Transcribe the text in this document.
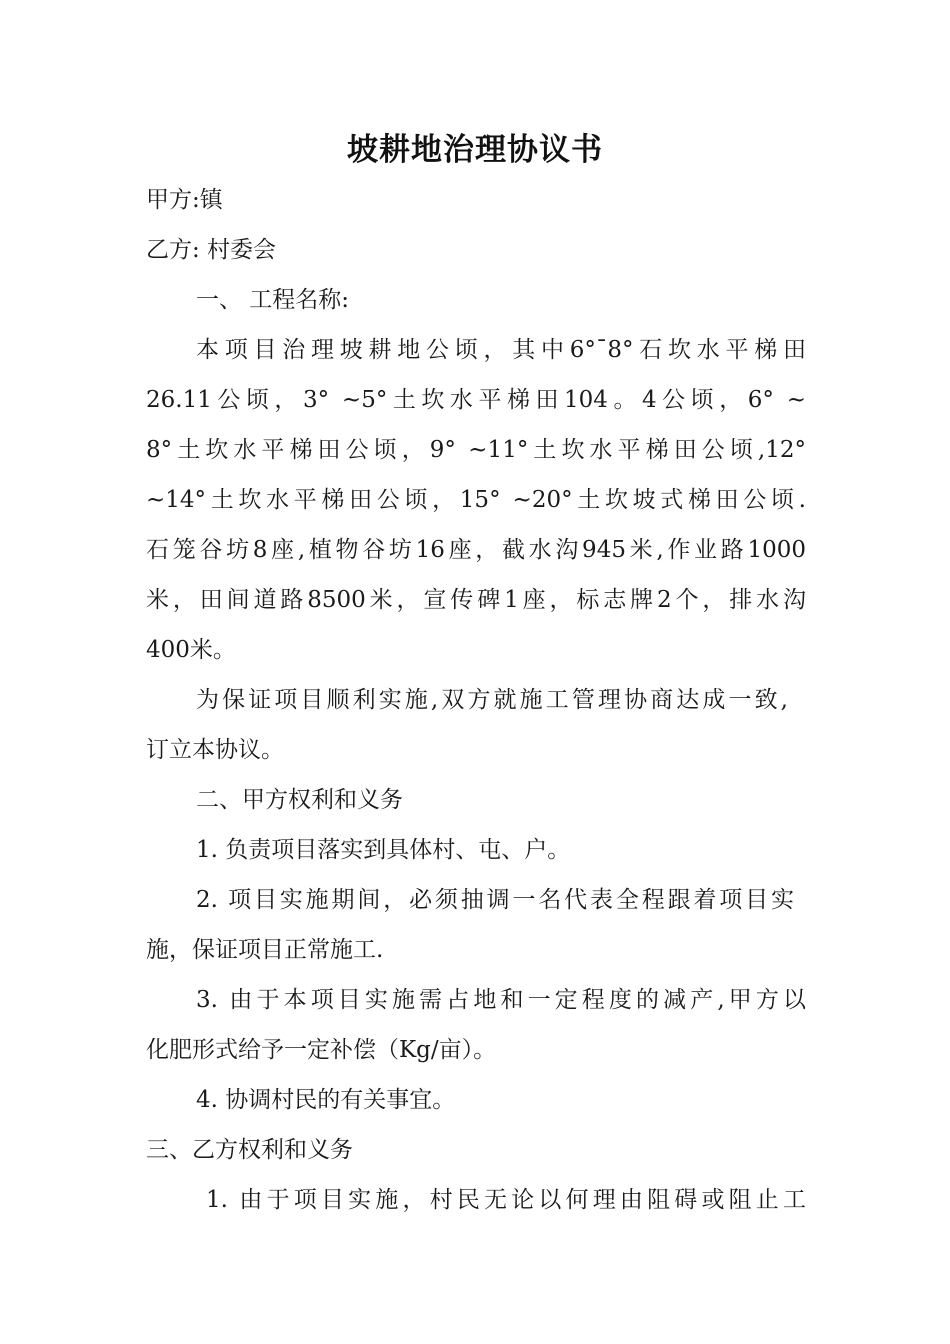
坡耕地治理协议书
甲方:镇
乙方: 村委会
一、 工程名称:
本项目治理坡耕地公顷，其中6°¯8°石坎水平梯田
26.11公顷，3° ~5°土坎水平梯田104。4公顷，6° ~
8°土坎水平梯田公顷，9° ~11°土坎水平梯田公顷,12°
~14°土坎水平梯田公顷，15° ~20°土坎坡式梯田公顷.
石笼谷坊8座,植物谷坊16座，截水沟945米,作业路1000
米，田间道路8500米，宣传碑1座，标志牌2个，排水沟
400米。
为保证项目顺利实施,双方就施工管理协商达成一致,
订立本协议。
二、甲方权利和义务
1. 负责项目落实到具体村、屯、户。
2. 项目实施期间，必须抽调一名代表全程跟着项目实
施，保证项目正常施工.
3. 由于本项目实施需占地和一定程度的减产,甲方以
化肥形式给予一定补偿（Kg/亩）。
4. 协调村民的有关事宜。
三、乙方权利和义务
1. 由于项目实施，村民无论以何理由阻碍或阻止工
